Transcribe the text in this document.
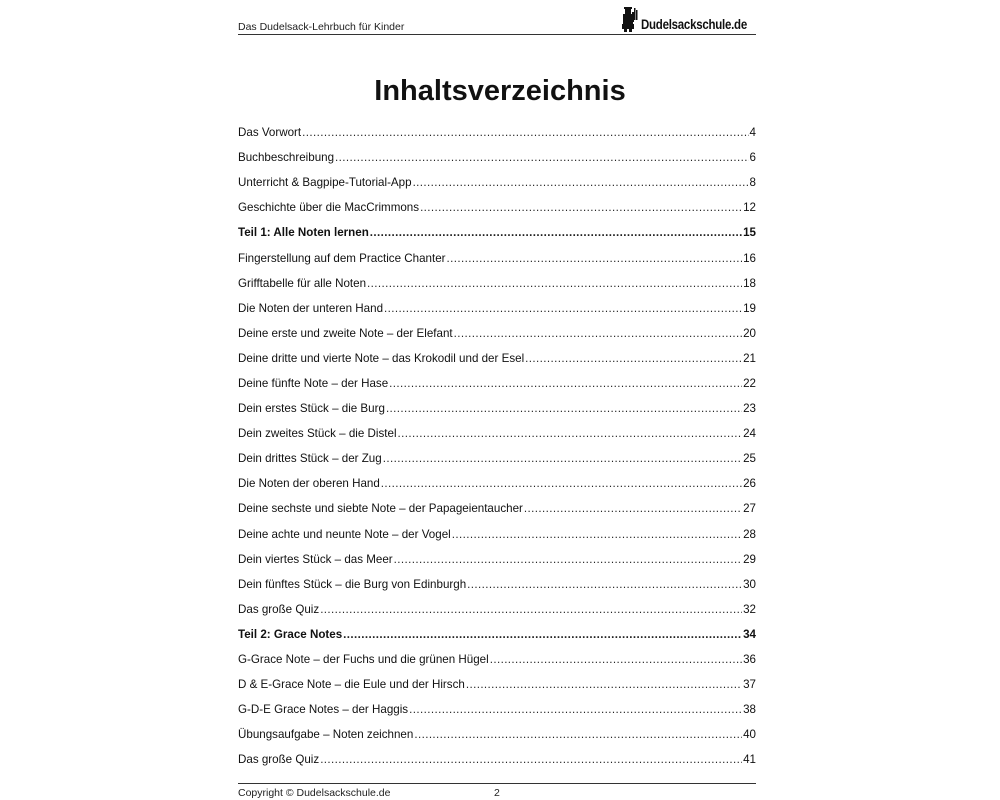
Das Dudelsack-Lehrbuch für Kinder	Dudelsackschule.de
Inhaltsverzeichnis
Das Vorwort .....	4
Buchbeschreibung .....	6
Unterricht & Bagpipe-Tutorial-App .....	8
Geschichte über die MacCrimmons .....	12
Teil 1: Alle Noten lernen .....	15
Fingerstellung auf dem Practice Chanter .....	16
Grifftabelle für alle Noten .....	18
Die Noten der unteren Hand .....	19
Deine erste und zweite Note – der Elefant .....	20
Deine dritte und vierte Note – das Krokodil und der Esel .....	21
Deine fünfte Note – der Hase .....	22
Dein erstes Stück – die Burg .....	23
Dein zweites Stück – die Distel .....	24
Dein drittes Stück – der Zug .....	25
Die Noten der oberen Hand .....	26
Deine sechste und siebte Note – der Papageientaucher .....	27
Deine achte und neunte Note – der Vogel .....	28
Dein viertes Stück – das Meer .....	29
Dein fünftes Stück – die Burg von Edinburgh .....	30
Das große Quiz .....	32
Teil 2: Grace Notes .....	34
G-Grace Note – der Fuchs und die grünen Hügel .....	36
D & E-Grace Note – die Eule und der Hirsch .....	37
G-D-E Grace Notes – der Haggis .....	38
Übungsaufgabe – Noten zeichnen .....	40
Das große Quiz .....	41
Copyright © Dudelsackschule.de	2
